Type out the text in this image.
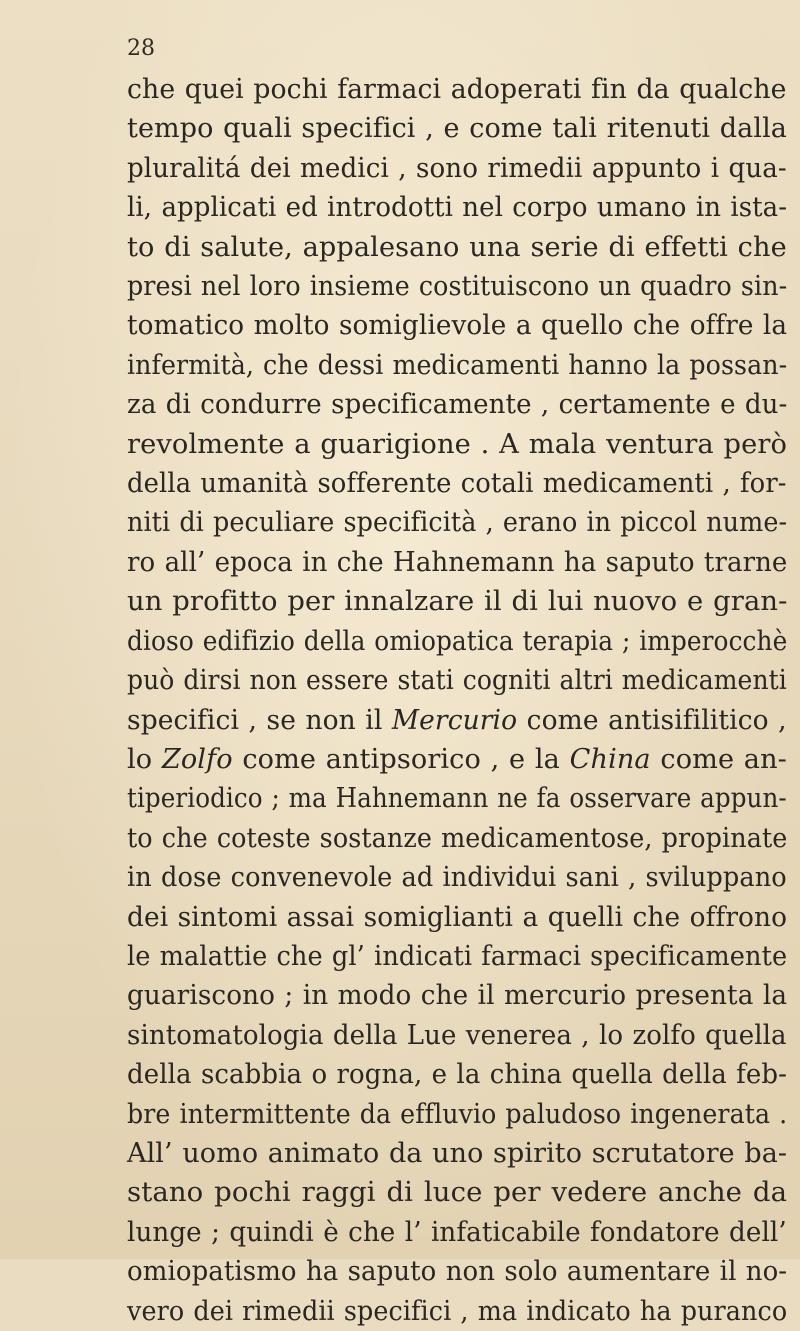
28
che quei pochi farmaci adoperati fin da qualche
tempo quali specifici , e come tali ritenuti dalla
pluralitá dei medici , sono rimedii appunto i qua-
li, applicati ed introdotti nel corpo umano in ista-
to di salute, appalesano una serie di effetti che
presi nel loro insieme costituiscono un quadro sin-
tomatico molto somiglievole a quello che offre la
infermità, che dessi medicamenti hanno la possan-
za di condurre specificamente , certamente e du-
revolmente a guarigione . A mala ventura però
della umanità sofferente cotali medicamenti , for-
niti di peculiare specificità , erano in piccol nume-
ro all’ epoca in che Hahnemann ha saputo trarne
un profitto per innalzare il di lui nuovo e gran-
dioso edifizio della omiopatica terapia ; imperocchè
può dirsi non essere stati cogniti altri medicamenti
specifici , se non il Mercurio come antisifilitico ,
lo Zolfo come antipsorico , e la China come an-
tiperiodico ; ma Hahnemann ne fa osservare appun-
to che coteste sostanze medicamentose, propinate
in dose convenevole ad individui sani , sviluppano
dei sintomi assai somiglianti a quelli che offrono
le malattie che gl’ indicati farmaci specificamente
guariscono ; in modo che il mercurio presenta la
sintomatologia della Lue venerea , lo zolfo quella
della scabbia o rogna, e la china quella della feb-
bre intermittente da effluvio paludoso ingenerata .
All’ uomo animato da uno spirito scrutatore ba-
stano pochi raggi di luce per vedere anche da
lunge ; quindi è che l’ infaticabile fondatore dell’
omiopatismo ha saputo non solo aumentare il no-
vero dei rimedii specifici , ma indicato ha puranco
